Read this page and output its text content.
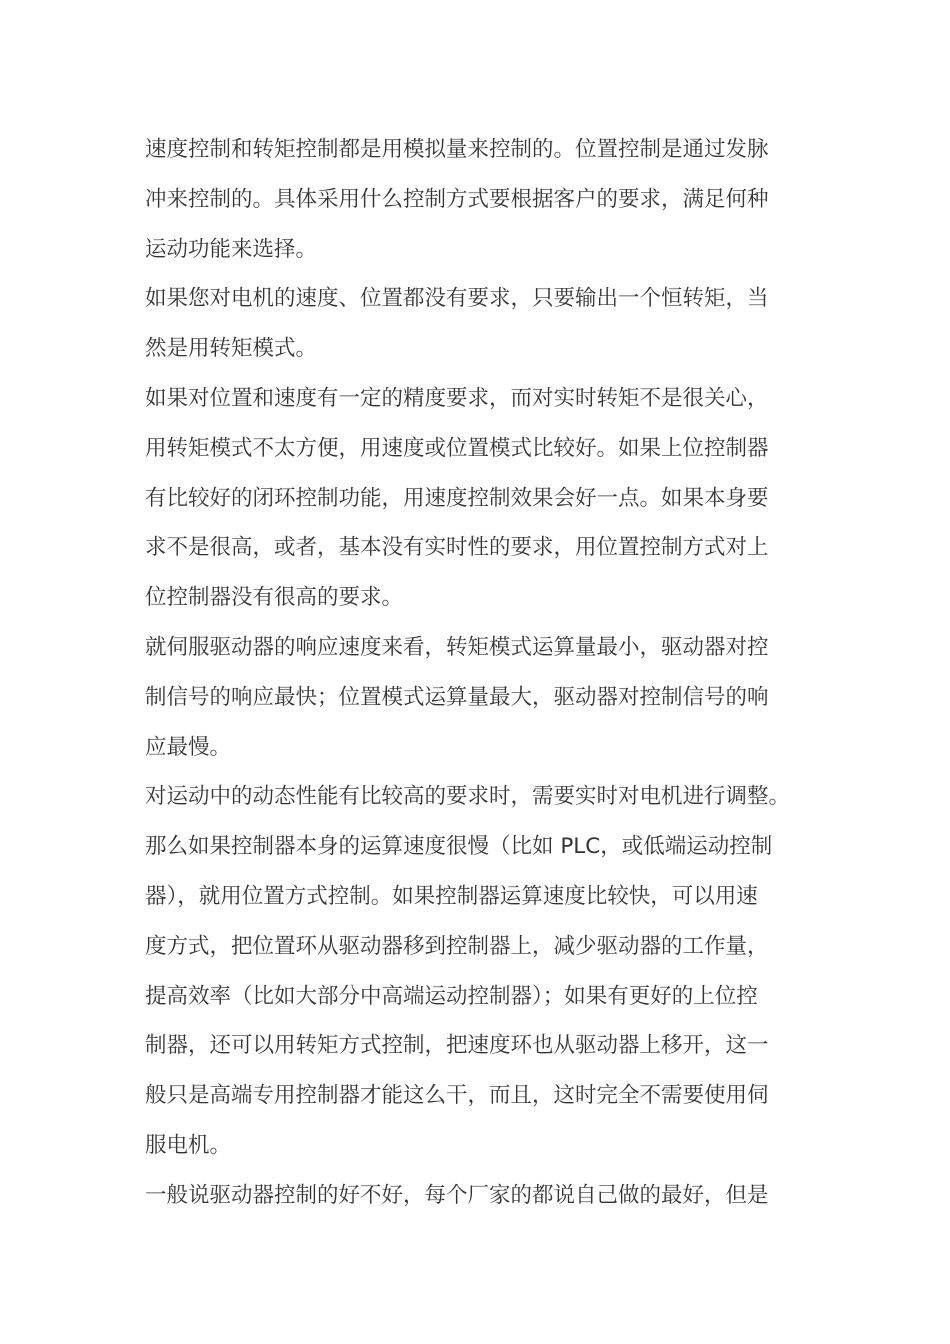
速度控制和转矩控制都是用模拟量来控制的。位置控制是通过发脉
冲来控制的。具体采用什么控制方式要根据客户的要求，满足何种
运动功能来选择。
如果您对电机的速度、位置都没有要求，只要输出一个恒转矩，当
然是用转矩模式。
如果对位置和速度有一定的精度要求，而对实时转矩不是很关心，
用转矩模式不太方便，用速度或位置模式比较好。如果上位控制器
有比较好的闭环控制功能，用速度控制效果会好一点。如果本身要
求不是很高，或者，基本没有实时性的要求，用位置控制方式对上
位控制器没有很高的要求。
就伺服驱动器的响应速度来看，转矩模式运算量最小，驱动器对控
制信号的响应最快；位置模式运算量最大，驱动器对控制信号的响
应最慢。
对运动中的动态性能有比较高的要求时，需要实时对电机进行调整。
那么如果控制器本身的运算速度很慢（比如 PLC，或低端运动控制
器），就用位置方式控制。如果控制器运算速度比较快，可以用速
度方式，把位置环从驱动器移到控制器上，减少驱动器的工作量，
提高效率（比如大部分中高端运动控制器）；如果有更好的上位控
制器，还可以用转矩方式控制，把速度环也从驱动器上移开，这一
般只是高端专用控制器才能这么干，而且，这时完全不需要使用伺
服电机。
一般说驱动器控制的好不好，每个厂家的都说自己做的最好，但是
